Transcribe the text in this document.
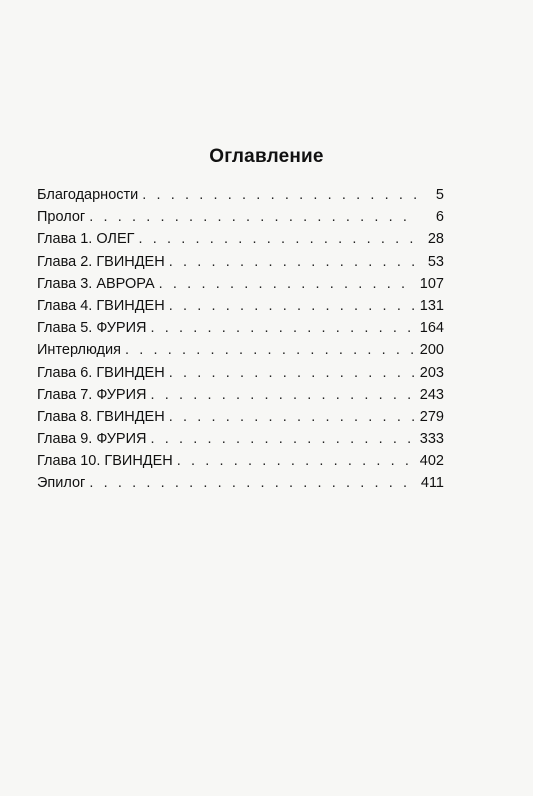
Оглавление
Благодарности . . .	5
Пролог . . .	6
Глава 1. ОЛЕГ . . .	28
Глава 2. ГВИНДЕН . . .	53
Глава 3. АВРОРА . . .	107
Глава 4. ГВИНДЕН . . .	131
Глава 5. ФУРИЯ . . .	164
Интерлюдия . . .	200
Глава 6. ГВИНДЕН . . .	203
Глава 7. ФУРИЯ . . .	243
Глава 8. ГВИНДЕН . . .	279
Глава 9. ФУРИЯ . . .	333
Глава 10. ГВИНДЕН . . .	402
Эпилог . . .	411
